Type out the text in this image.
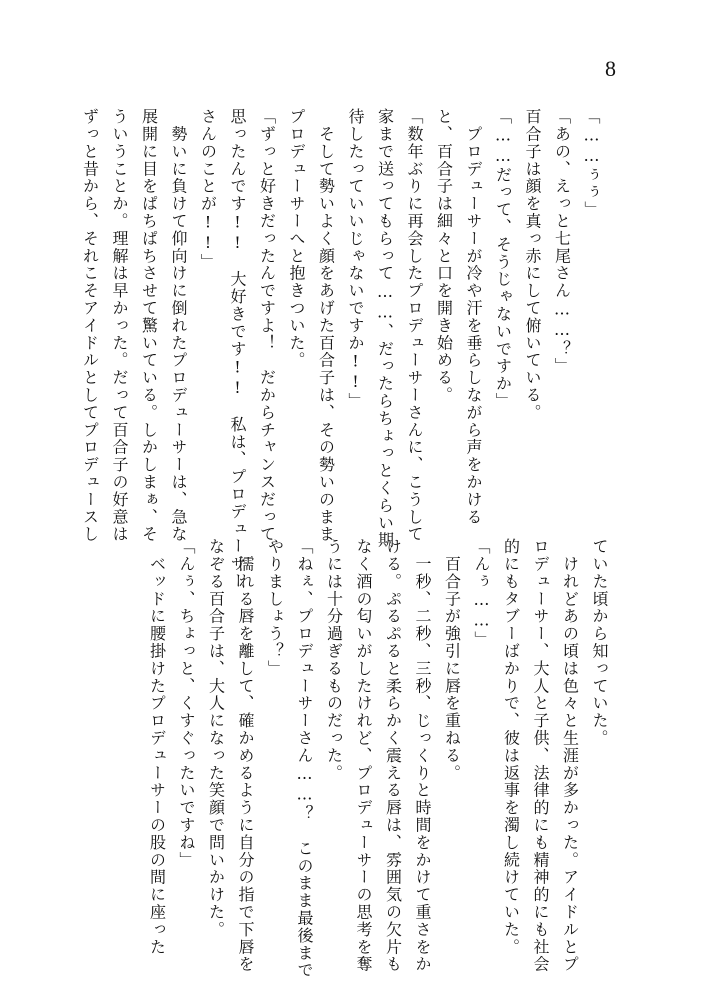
8
「……ぅぅ」
「あの、えっと七尾さん……？」
百合子は顔を真っ赤にして俯いている。
「……だって、そうじゃないですか」
　プロデューサーが冷や汗を垂らしながら声をかける
と、百合子は細々と口を開き始める。
「数年ぶりに再会したプロデューサーさんに、こうして
家まで送ってもらって……、だったらちょっとくらい期
待したっていいじゃないですか!!」
　そして勢いよく顔をあげた百合子は、その勢いのまま
プロデューサーへと抱きついた。
「ずっと好きだったんですよ！　だからチャンスだって
思ったんです!!　大好きです!!　私は、プロデューサー
さんのことが!!」
　勢いに負けて仰向けに倒れたプロデューサーは、急な
展開に目をぱちぱちさせて驚いている。しかしまぁ、そ
ういうことか。理解は早かった。だって百合子の好意は
ずっと昔から、それこそアイドルとしてプロデュースし
ていた頃から知っていた。
　けれどあの頃は色々と生涯が多かった。アイドルとプ
ロデューサー、大人と子供、法律的にも精神的にも社会
的にもタブーばかりで、彼は返事を濁し続けていた。
「んぅ……」
　百合子が強引に唇を重ねる。
　一秒、二秒、三秒、じっくりと時間をかけて重さをか
ける。ぷるぷると柔らかく震える唇は、雰囲気の欠片も
なく酒の匂いがしたけれど、プロデューサーの思考を奪
うには十分過ぎるものだった。
「ねぇ、プロデューサーさん……？　このまま最後まで
やりましょう？」
　濡れる唇を離して、確かめるように自分の指で下唇を
なぞる百合子は、大人になった笑顔で問いかけた。
「んぅ、ちょっと、くすぐったいですね」
　ベッドに腰掛けたプロデューサーの股の間に座った
